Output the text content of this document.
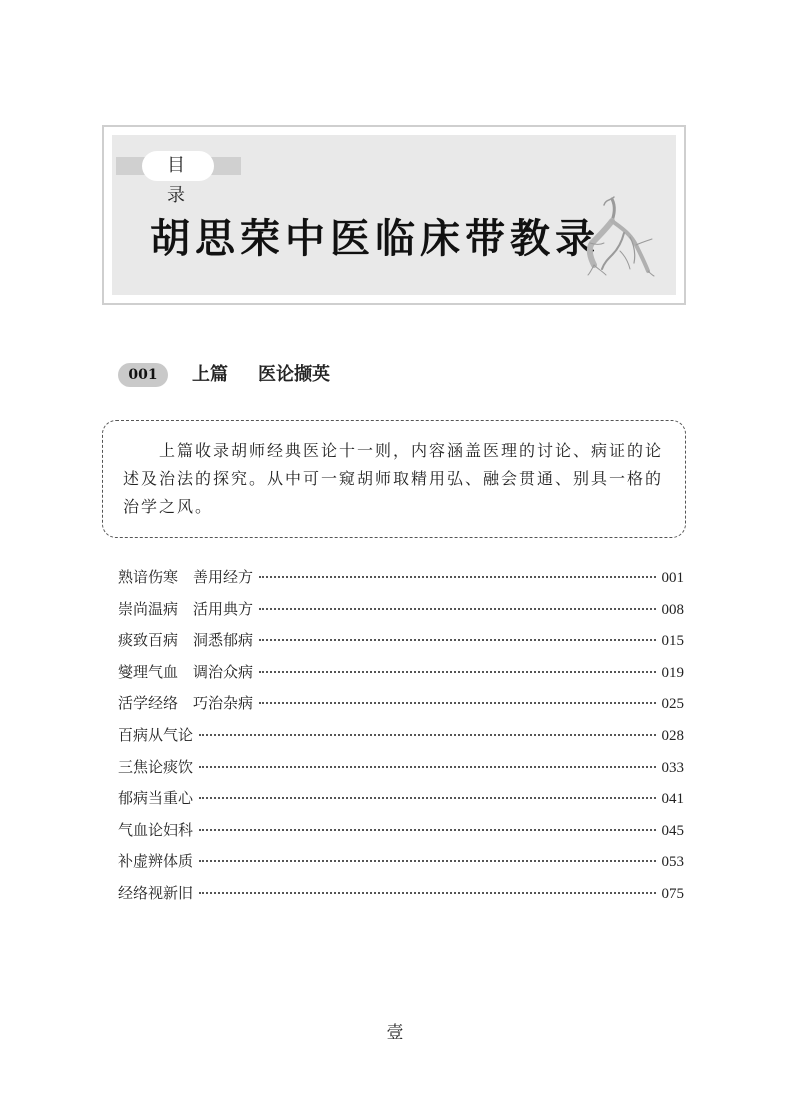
目 录
胡思荣中医临床带教录
001	上篇 医论撷英
上篇收录胡师经典医论十一则，内容涵盖医理的讨论、病证的论述及治法的探究。从中可一窥胡师取精用弘、融会贯通、别具一格的治学之风。
熟谙伤寒　善用经方	001
崇尚温病　活用典方	008
痰致百病　洞悉郁病	015
燮理气血　调治众病	019
活学经络　巧治杂病	025
百病从气论	028
三焦论痰饮	033
郁病当重心	041
气血论妇科	045
补虚辨体质	053
经络视新旧	075
壹
